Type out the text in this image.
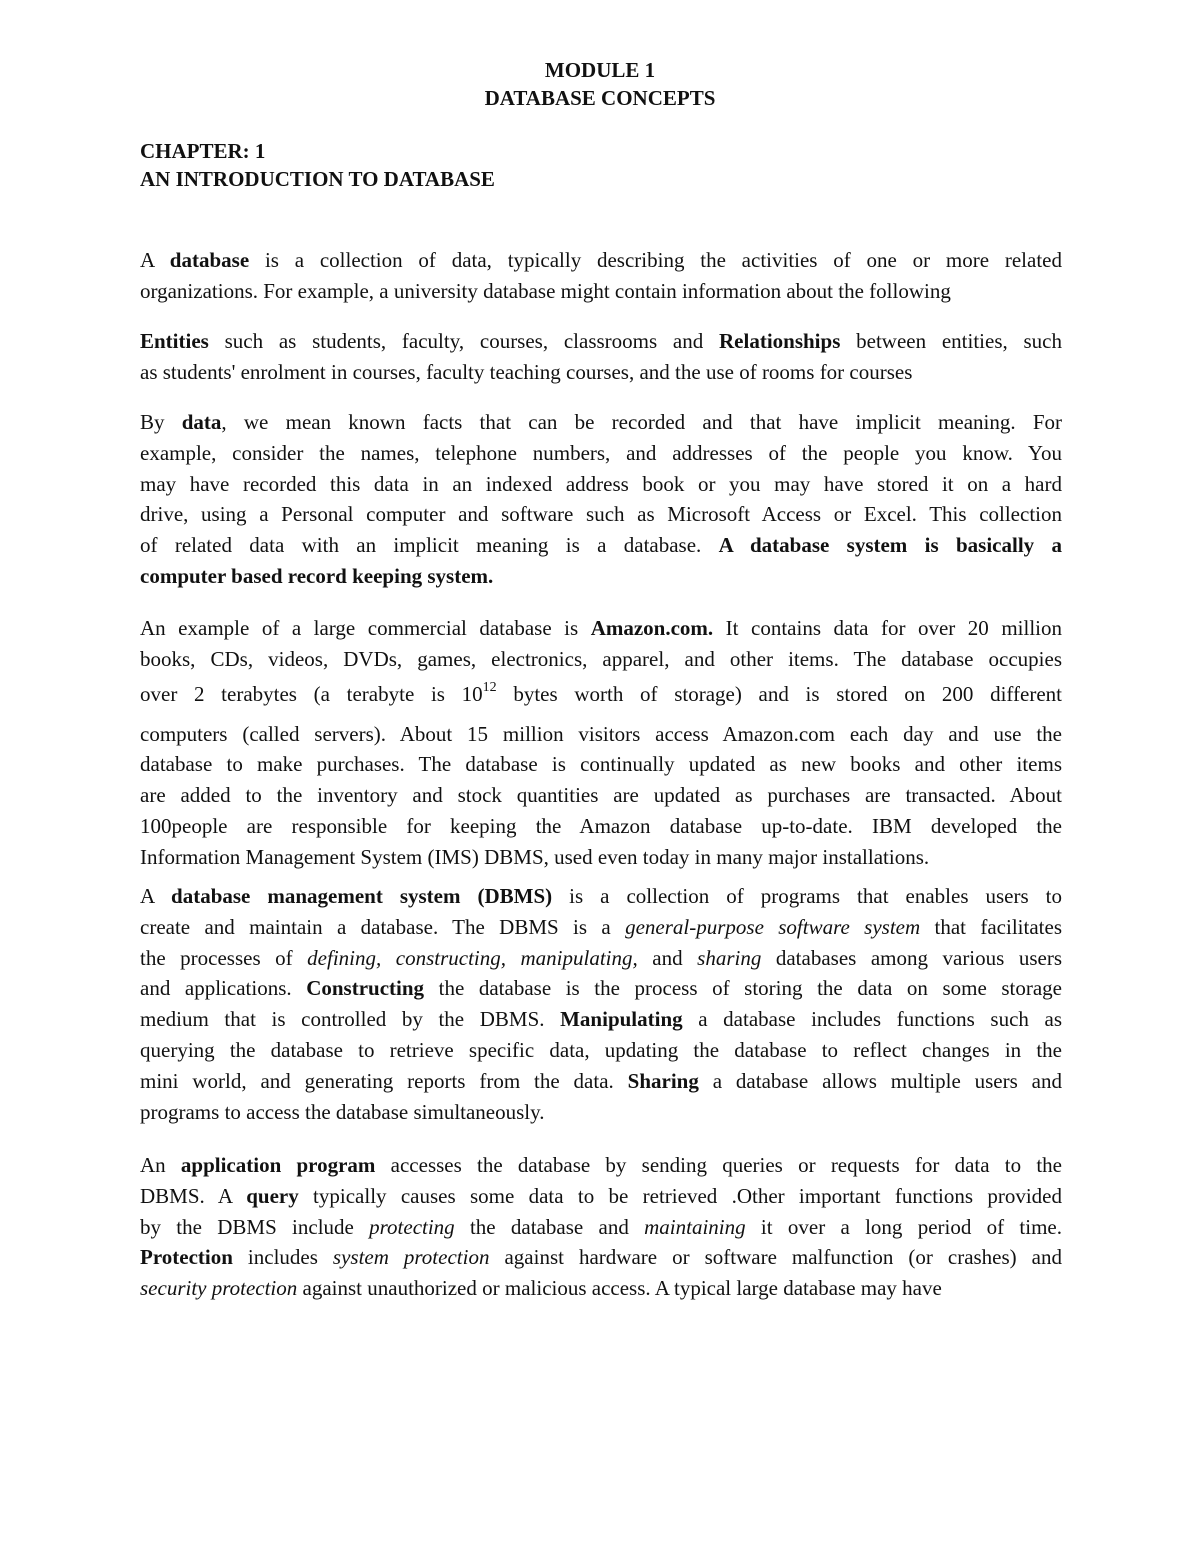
MODULE 1
DATABASE CONCEPTS
CHAPTER: 1
AN INTRODUCTION TO DATABASE
A database is a collection of data, typically describing the activities of one or more related
organizations. For example, a university database might contain information about the following
Entities such as students, faculty, courses, classrooms and Relationships between entities, such
as students' enrolment in courses, faculty teaching courses, and the use of rooms for courses
By data, we mean known facts that can be recorded and that have implicit meaning. For
example, consider the names, telephone numbers, and addresses of the people you know. You
may have recorded this data in an indexed address book or you may have stored it on a hard
drive, using a Personal computer and software such as Microsoft Access or Excel. This collection
of related data with an implicit meaning is a database. A database system is basically a
computer based record keeping system.
An example of a large commercial database is Amazon.com. It contains data for over 20 million
books, CDs, videos, DVDs, games, electronics, apparel, and other items. The database occupies
over 2 terabytes (a terabyte is $10^{12}$ bytes worth of storage) and is stored on 200 different
computers (called servers). About 15 million visitors access Amazon.com each day and use the
database to make purchases. The database is continually updated as new books and other items
are added to the inventory and stock quantities are updated as purchases are transacted. About
100people are responsible for keeping the Amazon database up-to-date. IBM developed the
Information Management System (IMS) DBMS, used even today in many major installations.
A database management system (DBMS) is a collection of programs that enables users to
create and maintain a database. The DBMS is a general-purpose software system that facilitates
the processes of defining, constructing, manipulating, and sharing databases among various users
and applications. Constructing the database is the process of storing the data on some storage
medium that is controlled by the DBMS. Manipulating a database includes functions such as
querying the database to retrieve specific data, updating the database to reflect changes in the
mini world, and generating reports from the data. Sharing a database allows multiple users and
programs to access the database simultaneously.
An application program accesses the database by sending queries or requests for data to the
DBMS. A query typically causes some data to be retrieved .Other important functions provided
by the DBMS include protecting the database and maintaining it over a long period of time.
Protection includes system protection against hardware or software malfunction (or crashes) and
security protection against unauthorized or malicious access. A typical large database may have
